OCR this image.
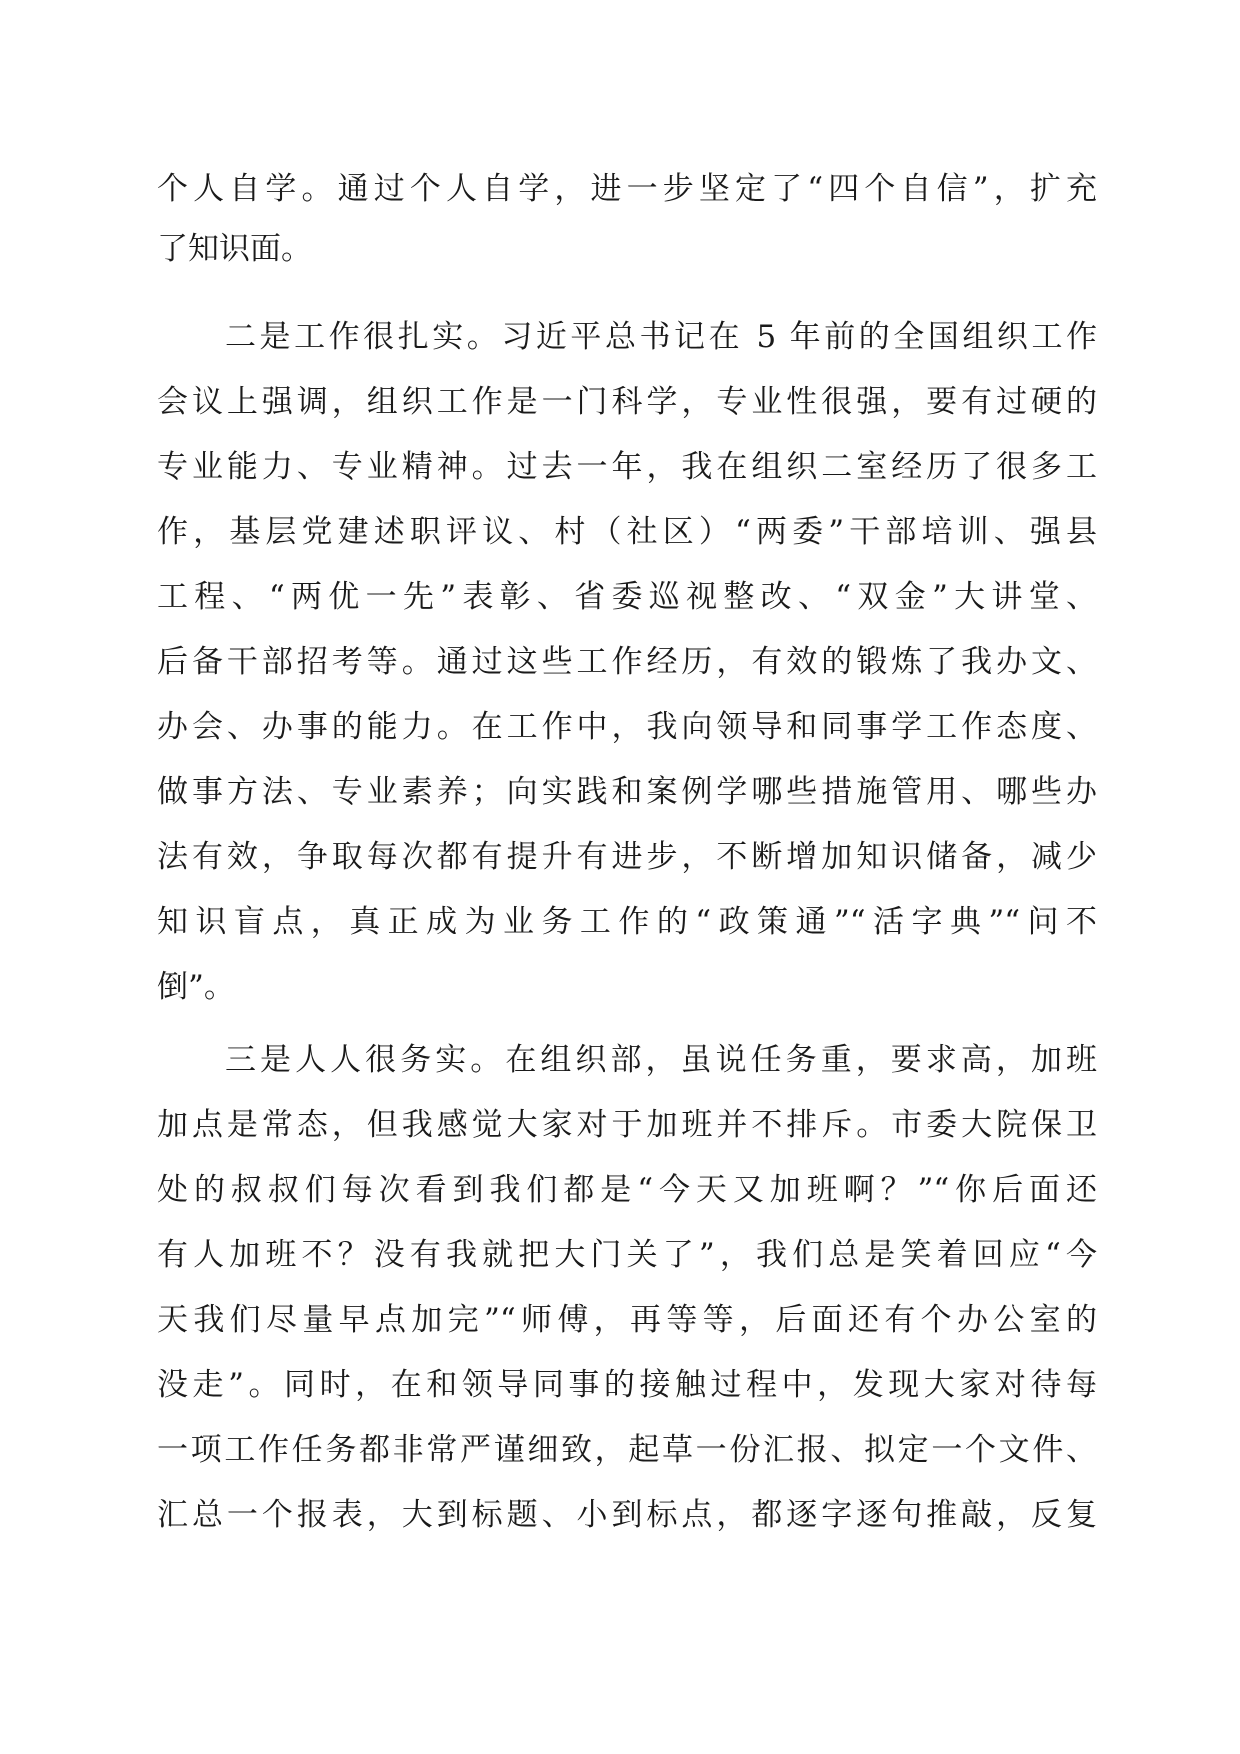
个人自学。通过个人自学，进一步坚定了“四个自信”，扩充
了知识面。
二是工作很扎实。习近平总书记在 5 年前的全国组织工作
会议上强调，组织工作是一门科学，专业性很强，要有过硬的
专业能力、专业精神。过去一年，我在组织二室经历了很多工
作，基层党建述职评议、村（社区）“两委”干部培训、强县
工程、“两优一先”表彰、省委巡视整改、“双金”大讲堂、
后备干部招考等。通过这些工作经历，有效的锻炼了我办文、
办会、办事的能力。在工作中，我向领导和同事学工作态度、
做事方法、专业素养；向实践和案例学哪些措施管用、哪些办
法有效，争取每次都有提升有进步，不断增加知识储备，减少
知识盲点，真正成为业务工作的“政策通”“活字典”“问不
倒”。
三是人人很务实。在组织部，虽说任务重，要求高，加班
加点是常态，但我感觉大家对于加班并不排斥。市委大院保卫
处的叔叔们每次看到我们都是“今天又加班啊？”“你后面还
有人加班不？没有我就把大门关了”，我们总是笑着回应“今
天我们尽量早点加完”“师傅，再等等，后面还有个办公室的
没走”。同时，在和领导同事的接触过程中，发现大家对待每
一项工作任务都非常严谨细致，起草一份汇报、拟定一个文件、
汇总一个报表，大到标题、小到标点，都逐字逐句推敲，反复
